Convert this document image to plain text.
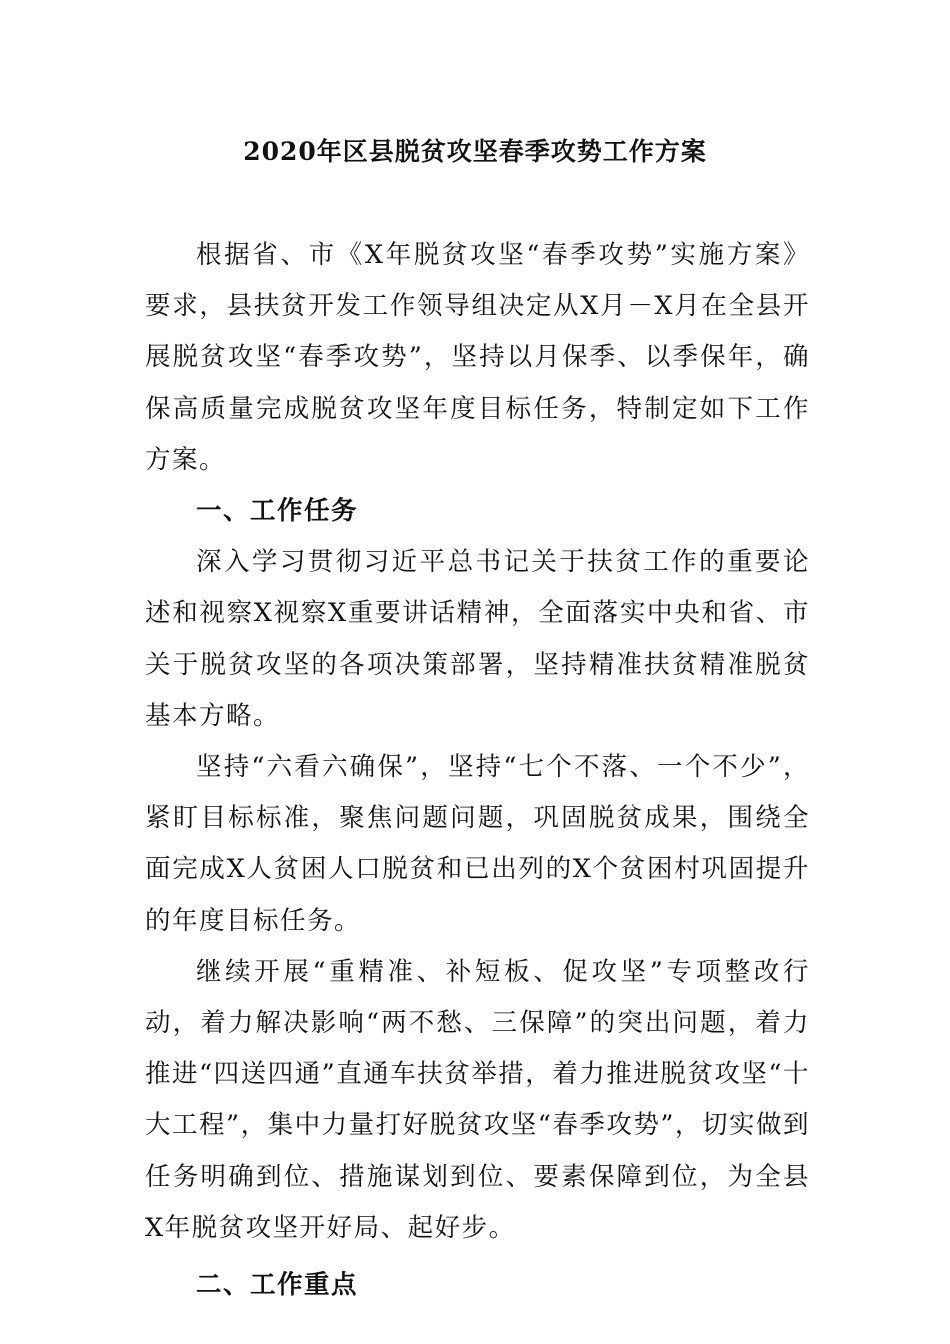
2020年区县脱贫攻坚春季攻势工作方案

根据省、市《X年脱贫攻坚“春季攻势”实施方案》要求，县扶贫开发工作领导组决定从X月－X月在全县开展脱贫攻坚“春季攻势”，坚持以月保季、以季保年，确保高质量完成脱贫攻坚年度目标任务，特制定如下工作方案。

一、工作任务

深入学习贯彻习近平总书记关于扶贫工作的重要论述和视察X视察X重要讲话精神，全面落实中央和省、市关于脱贫攻坚的各项决策部署，坚持精准扶贫精准脱贫基本方略。

坚持“六看六确保”，坚持“七个不落、一个不少”，紧盯目标标准，聚焦问题问题，巩固脱贫成果，围绕全面完成X人贫困人口脱贫和已出列的X个贫困村巩固提升的年度目标任务。

继续开展“重精准、补短板、促攻坚”专项整改行动，着力解决影响“两不愁、三保障”的突出问题，着力推进“四送四通”直通车扶贫举措，着力推进脱贫攻坚“十大工程”，集中力量打好脱贫攻坚“春季攻势”，切实做到任务明确到位、措施谋划到位、要素保障到位，为全县X年脱贫攻坚开好局、起好步。

二、工作重点
